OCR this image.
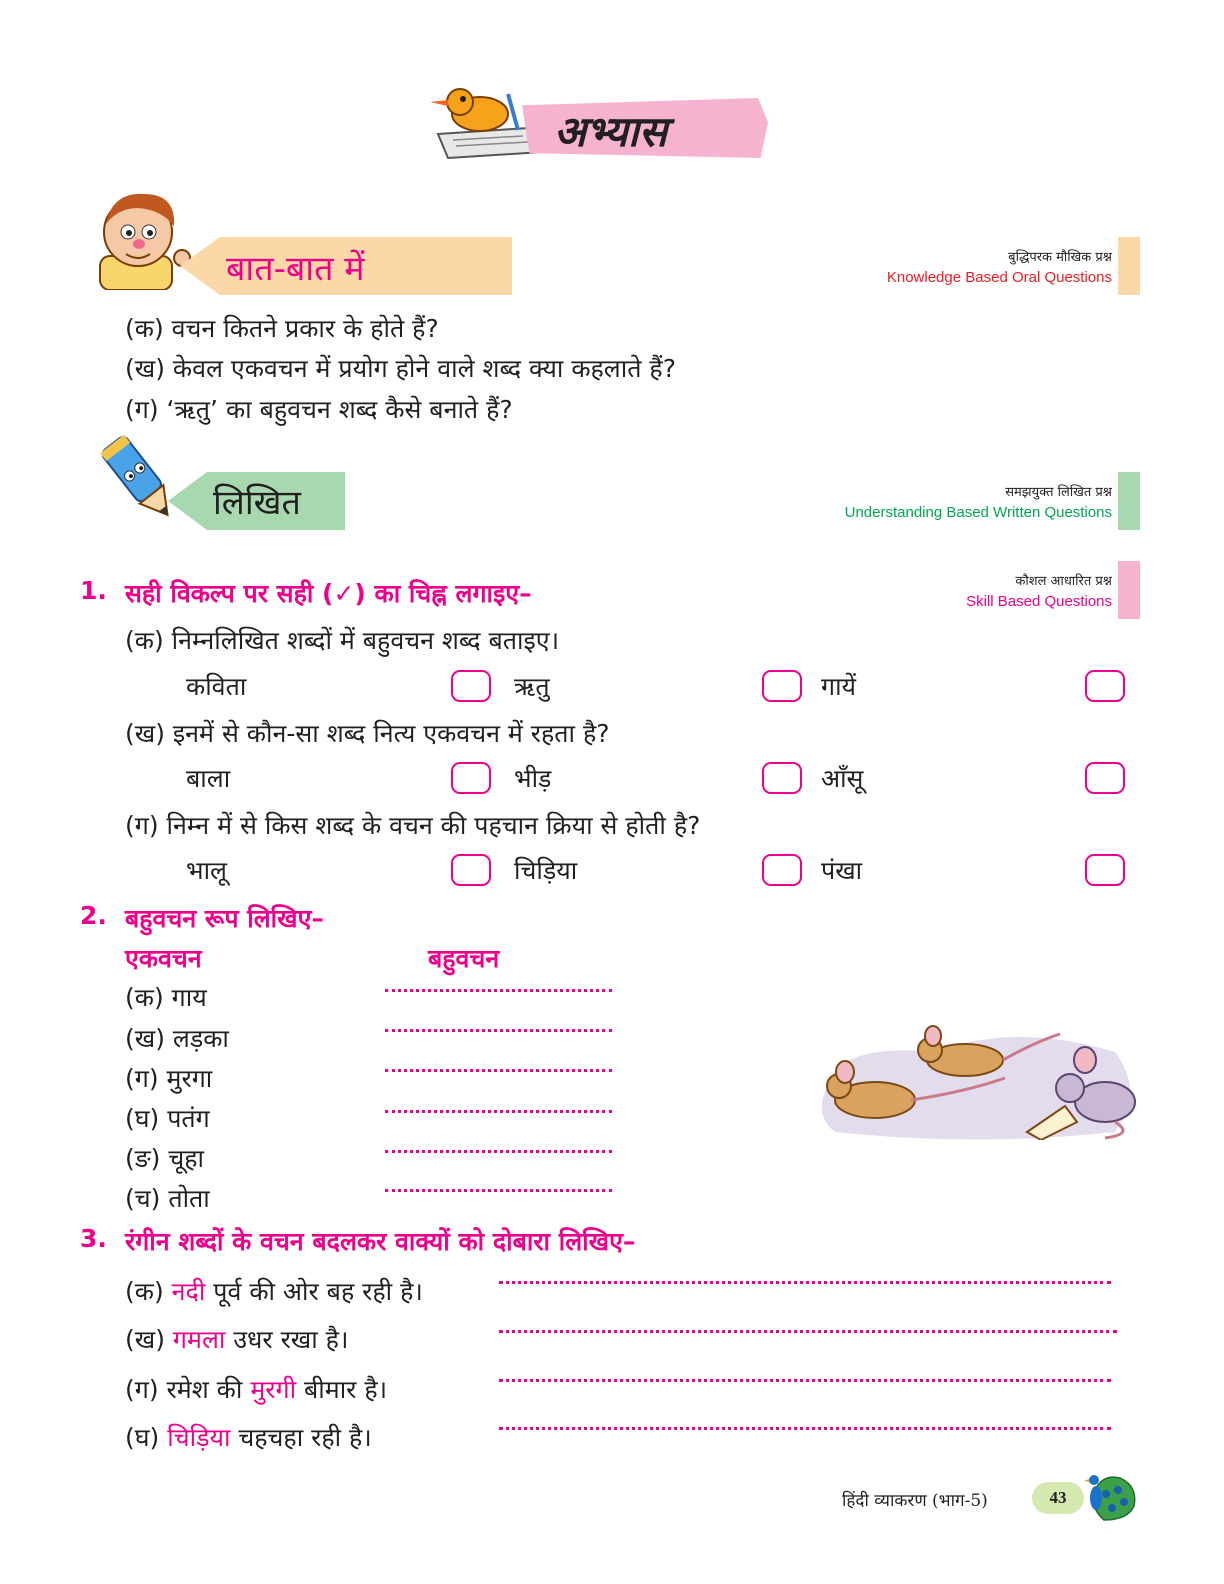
अभ्यास
बात-बात में	बुद्धिपरक मौखिक प्रश्न
Knowledge Based Oral Questions
(क) वचन कितने प्रकार के होते हैं?
(ख) केवल एकवचन में प्रयोग होने वाले शब्द क्या कहलाते हैं?
(ग) ‘ऋतु’ का बहुवचन शब्द कैसे बनाते हैं?
लिखित	समझयुक्त लिखित प्रश्न
Understanding Based Written Questions
कौशल आधारित प्रश्न
Skill Based Questions
1. सही विकल्प पर सही (✓) का चिह्न लगाइए–
(क) निम्नलिखित शब्दों में बहुवचन शब्द बताइए।
कविता	ऋतु	गायें
(ख) इनमें से कौन-सा शब्द नित्य एकवचन में रहता है?
बाला	भीड़	आँसू
(ग) निम्न में से किस शब्द के वचन की पहचान क्रिया से होती है?
भालू	चिड़िया	पंखा
2. बहुवचन रूप लिखिए–
एकवचन	बहुवचन
(क) गाय
(ख) लड़का
(ग) मुरगा
(घ) पतंग
(ङ) चूहा
(च) तोता
3. रंगीन शब्दों के वचन बदलकर वाक्यों को दोबारा लिखिए–
(क) नदी पूर्व की ओर बह रही है।
(ख) गमला उधर रखा है।
(ग) रमेश की मुरगी बीमार है।
(घ) चिड़िया चहचहा रही है।
हिंदी व्याकरण (भाग-5)	43
